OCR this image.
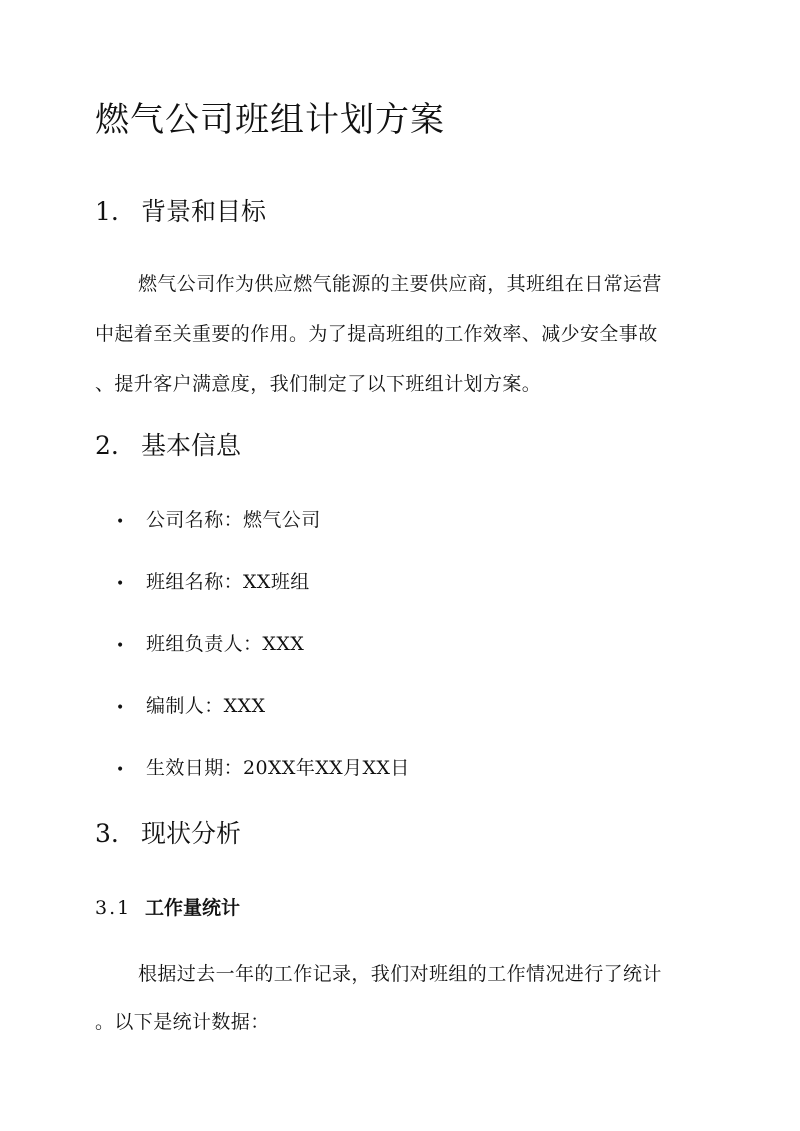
燃气公司班组计划方案
1. 背景和目标
燃气公司作为供应燃气能源的主要供应商，其班组在日常运营
中起着至关重要的作用。为了提高班组的工作效率、减少安全事故
、提升客户满意度，我们制定了以下班组计划方案。
2. 基本信息
• 公司名称：燃气公司
• 班组名称：XX班组
• 班组负责人：XXX
• 编制人：XXX
• 生效日期：20XX年XX月XX日
3. 现状分析
3.1 工作量统计
根据过去一年的工作记录，我们对班组的工作情况进行了统计
。以下是统计数据：
